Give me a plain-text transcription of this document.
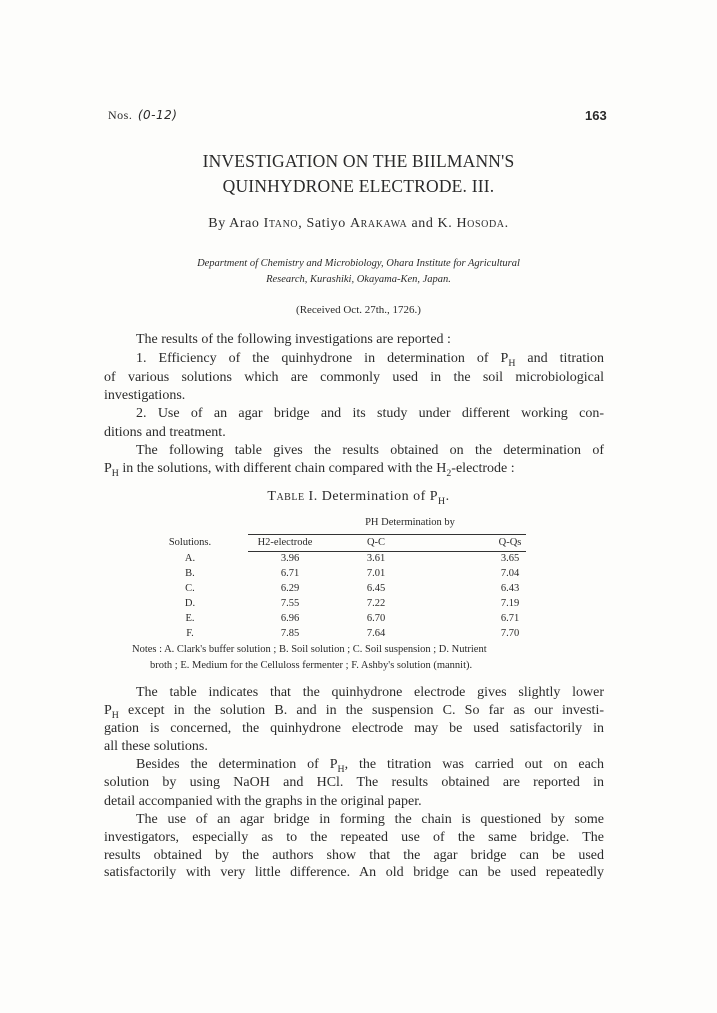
Nos. (0-12)	163
INVESTIGATION ON THE BIILMANN'S
QUINHYDRONE ELECTRODE. III.
By Arao Itano, Satiyo Arakawa and K. Hosoda.
Department of Chemistry and Microbiology, Ohara Institute for Agricultural
Research, Kurashiki, Okayama-Ken, Japan.
(Received Oct. 27th., 1726.)
The results of the following investigations are reported :
1. Efficiency of the quinhydrone in determination of $P_H$ and titration
of various solutions which are commonly used in the soil microbiological
investigations.
2. Use of an agar bridge and its study under different working con-
ditions and treatment.
The following table gives the results obtained on the determination of
$P_H$ in the solutions, with different chain compared with the $H_2$-electrode :
Table I. Determination of $P_H$.
PH Determination by
Solutions.	H2-electrode	Q-C	Q-Qs
A.	3.96	3.61	3.65
B.	6.71	7.01	7.04
C.	6.29	6.45	6.43
D.	7.55	7.22	7.19
E.	6.96	6.70	6.71
F.	7.85	7.64	7.70
Notes : A. Clark's buffer solution ; B. Soil solution ; C. Soil suspension ; D. Nutrient
broth ; E. Medium for the Celluloss fermenter ; F. Ashby's solution (mannit).
The table indicates that the quinhydrone electrode gives slightly lower
$P_H$ except in the solution B. and in the suspension C. So far as our investi-
gation is concerned, the quinhydrone electrode may be used satisfactorily in
all these solutions.
Besides the determination of $P_H$, the titration was carried out on each
solution by using NaOH and HCl. The results obtained are reported in
detail accompanied with the graphs in the original paper.
The use of an agar bridge in forming the chain is questioned by some
investigators, especially as to the repeated use of the same bridge. The
results obtained by the authors show that the agar bridge can be used
satisfactorily with very little difference. An old bridge can be used repeatedly
